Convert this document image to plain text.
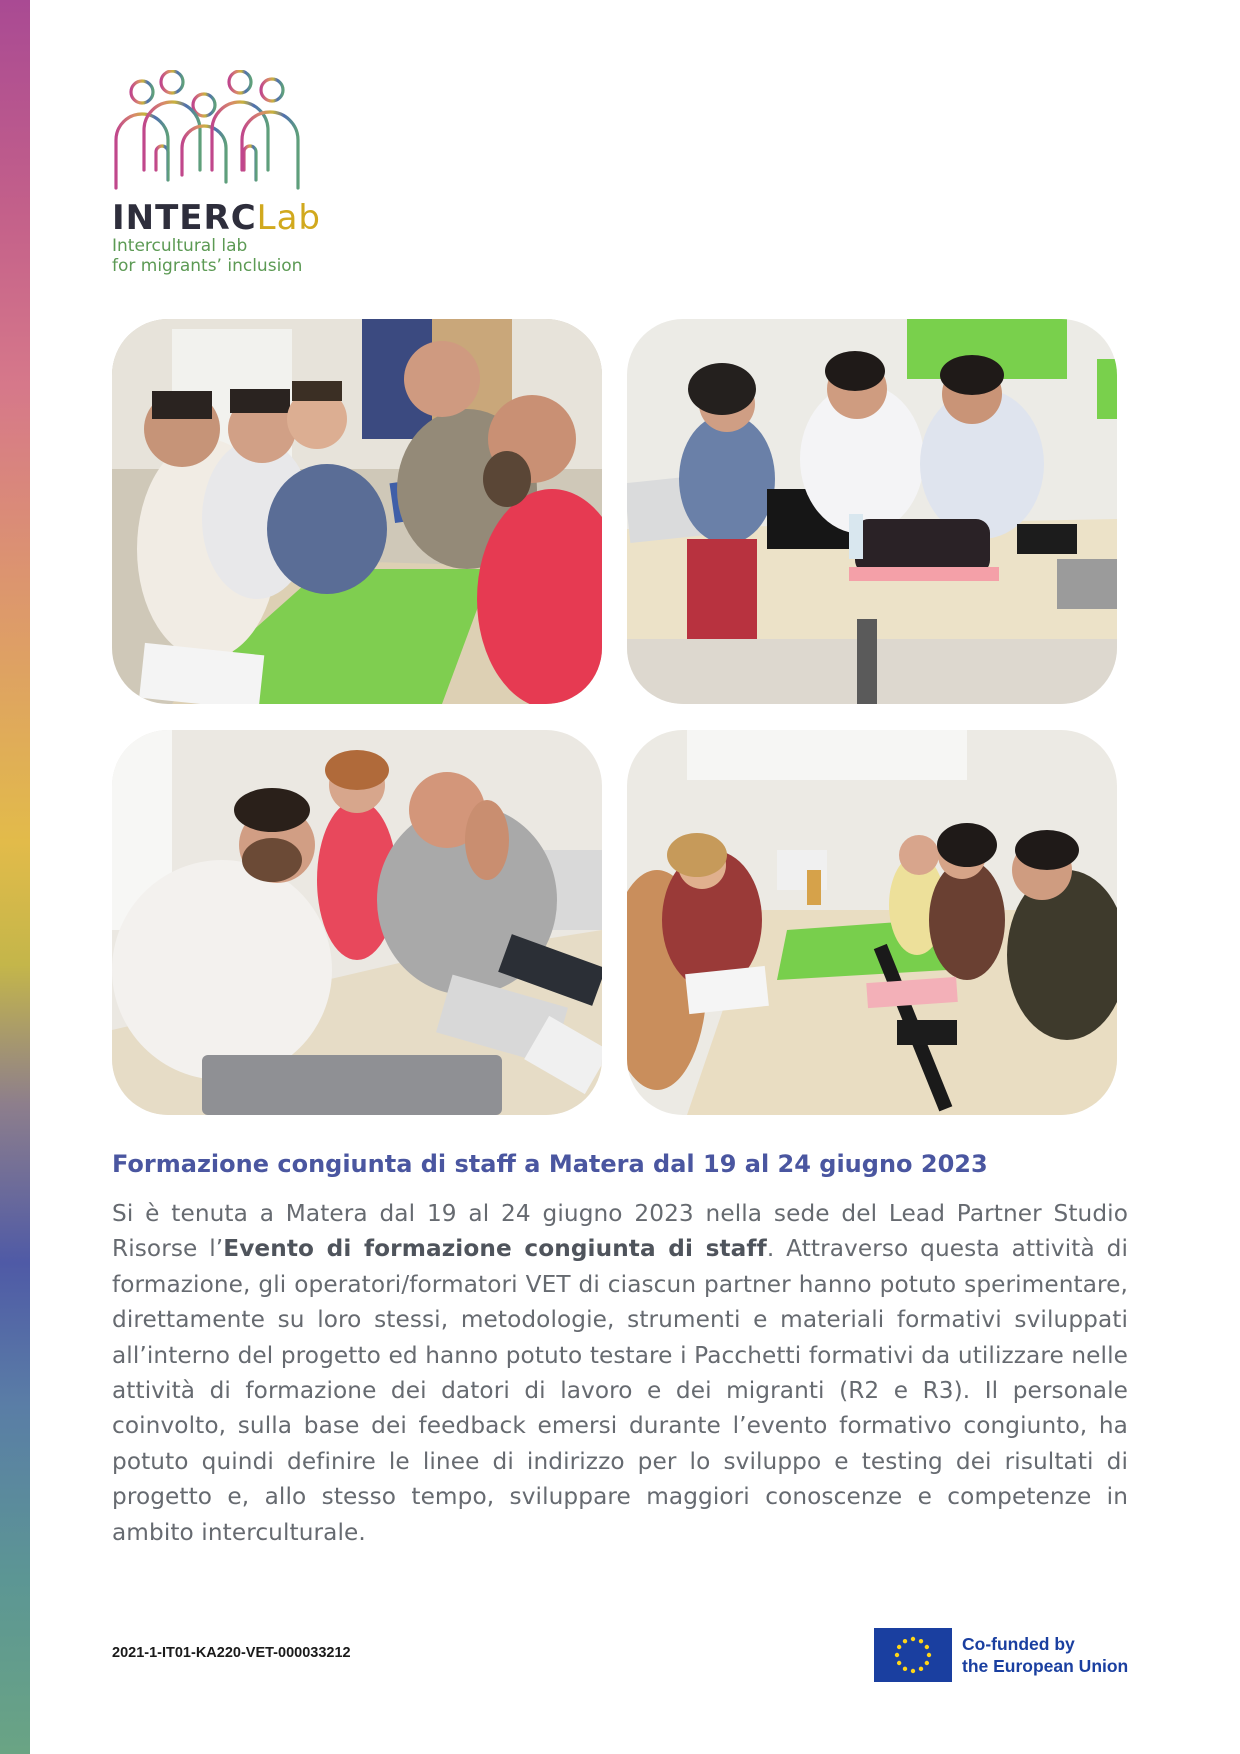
INTERCLab
Intercultural lab
for migrants’ inclusion
Formazione congiunta di staff a Matera dal 19 al 24 giugno 2023
Si è tenuta a Matera dal 19 al 24 giugno 2023 nella sede del Lead Partner Studio Risorse l’Evento di formazione congiunta di staff. Attraverso questa attività di formazione, gli operatori/formatori VET di ciascun partner hanno potuto sperimentare, direttamente su loro stessi, metodologie, strumenti e materiali formativi sviluppati all’interno del progetto ed hanno potuto testare i Pacchetti formativi da utilizzare nelle attività di formazione dei datori di lavoro e dei migranti (R2 e R3). Il personale coinvolto, sulla base dei feedback emersi durante l’evento formativo congiunto, ha potuto quindi definire le linee di indirizzo per lo sviluppo e testing dei risultati di progetto e, allo stesso tempo, sviluppare maggiori conoscenze e competenze in ambito interculturale.
2021-1-IT01-KA220-VET-000033212	Co-funded by
the European Union
